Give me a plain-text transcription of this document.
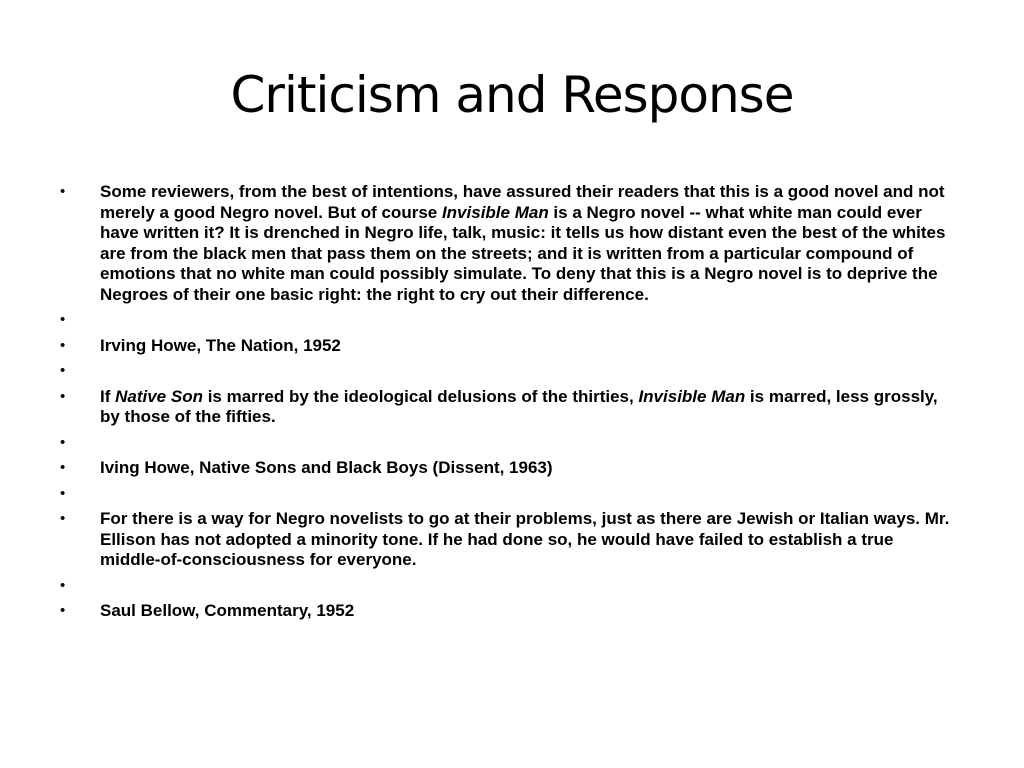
Criticism and Response
• Some reviewers, from the best of intentions, have assured their readers that this is a good novel and not merely a good Negro novel. But of course Invisible Man is a Negro novel -- what white man could ever have written it? It is drenched in Negro life, talk, music: it tells us how distant even the best of the whites are from the black men that pass them on the streets; and it is written from a particular compound of emotions that no white man could possibly simulate. To deny that this is a Negro novel is to deprive the Negroes of their one basic right: the right to cry out their difference.
•
• Irving Howe, The Nation, 1952
•
• If Native Son is marred by the ideological delusions of the thirties, Invisible Man is marred, less grossly, by those of the fifties.
•
• Iving Howe, Native Sons and Black Boys (Dissent, 1963)
•
• For there is a way for Negro novelists to go at their problems, just as there are Jewish or Italian ways. Mr. Ellison has not adopted a minority tone. If he had done so, he would have failed to establish a true middle-of-consciousness for everyone.
•
• Saul Bellow, Commentary, 1952
